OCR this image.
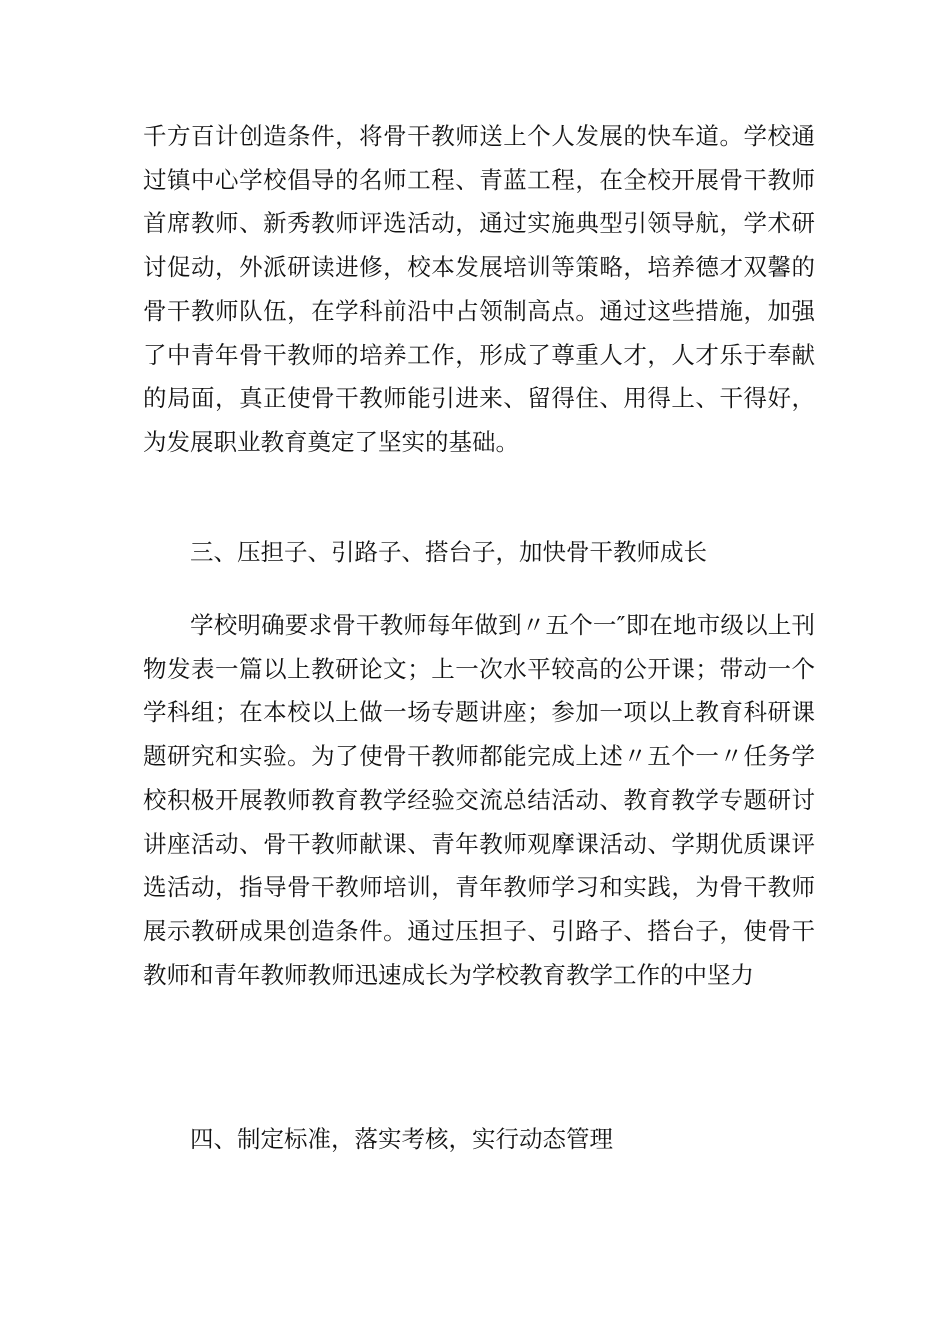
千方百计创造条件，将骨干教师送上个人发展的快车道。学校通过镇中心学校倡导的名师工程、青蓝工程，在全校开展骨干教师首席教师、新秀教师评选活动，通过实施典型引领导航，学术研讨促动，外派研读进修，校本发展培训等策略，培养德才双馨的骨干教师队伍，在学科前沿中占领制高点。通过这些措施，加强了中青年骨干教师的培养工作，形成了尊重人才，人才乐于奉献的局面，真正使骨干教师能引进来、留得住、用得上、干得好，为发展职业教育奠定了坚实的基础。

三、压担子、引路子、搭台子，加快骨干教师成长

学校明确要求骨干教师每年做到〃五个一″即在地市级以上刊物发表一篇以上教研论文；上一次水平较高的公开课；带动一个学科组；在本校以上做一场专题讲座；参加一项以上教育科研课题研究和实验。为了使骨干教师都能完成上述〃五个一〃任务学校积极开展教师教育教学经验交流总结活动、教育教学专题研讨讲座活动、骨干教师献课、青年教师观摩课活动、学期优质课评选活动，指导骨干教师培训，青年教师学习和实践，为骨干教师展示教研成果创造条件。通过压担子、引路子、搭台子，使骨干教师和青年教师教师迅速成长为学校教育教学工作的中坚力

四、制定标准，落实考核，实行动态管理
